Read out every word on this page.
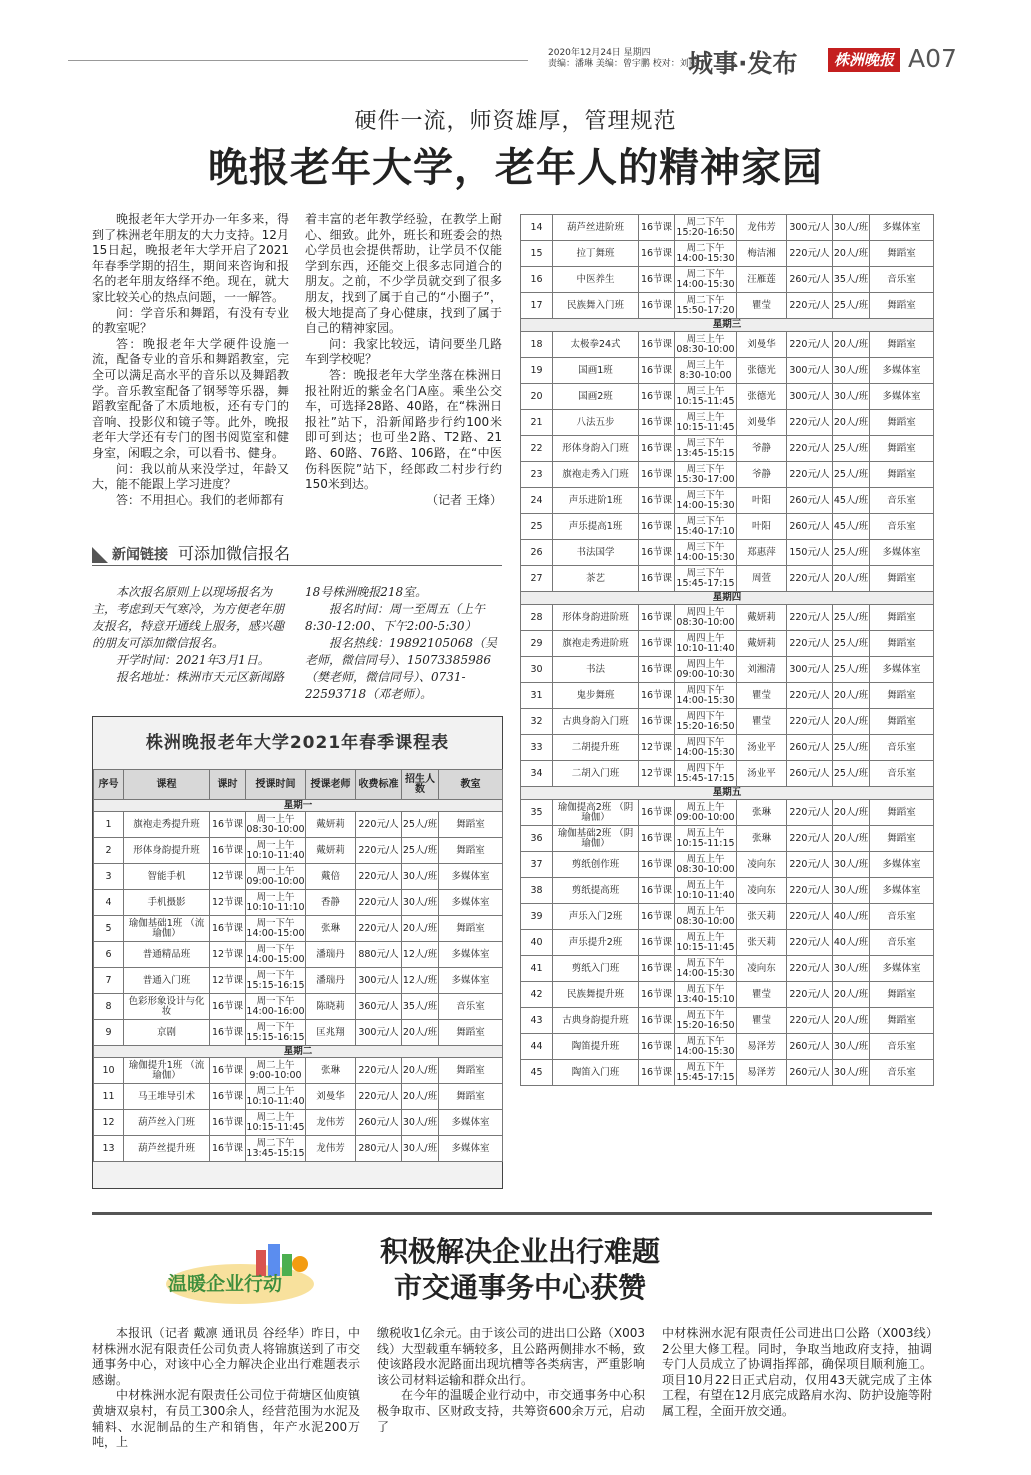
2020年12月24日 星期四
责编：潘琳 美编：曾宇鹏 校对：刘丽
城事·发布	株洲晚报 A07
硬件一流，师资雄厚，管理规范
晚报老年大学，老年人的精神家园

晚报老年大学开办一年多来，得到了株洲老年朋友的大力支持。12月15日起，晚报老年大学开启了2021年春季学期的招生，期间来咨询和报名的老年朋友络绎不绝。现在，就大家比较关心的热点问题，一一解答。

问：学音乐和舞蹈，有没有专业的教室呢？

答：晚报老年大学硬件设施一流，配备专业的音乐和舞蹈教室，完全可以满足高水平的音乐以及舞蹈教学。音乐教室配备了钢琴等乐器，舞蹈教室配备了木质地板，还有专门的音响、投影仪和镜子等。此外，晚报老年大学还有专门的图书阅览室和健身室，闲暇之余，可以看书、健身。

问：我以前从来没学过，年龄又大，能不能跟上学习进度？

答：不用担心。我们的老师都有

着丰富的老年教学经验，在教学上耐心、细致。此外，班长和班委会的热心学员也会提供帮助，让学员不仅能学到东西，还能交上很多志同道合的朋友。之前，不少学员就交到了很多朋友，找到了属于自己的“小圈子”，极大地提高了身心健康，找到了属于自己的精神家园。

问：我家比较远，请问要坐几路车到学校呢？

答：晚报老年大学坐落在株洲日报社附近的紫金名门A座。乘坐公交车，可选择28路、40路，在“株洲日报社”站下，沿新闻路步行约100米即可到达；也可坐2路、T2路、21路、60路、76路、106路，在“中医伤科医院”站下，经郎政二村步行约150米到达。

（记者 王烽）

新闻链接 可添加微信报名

本次报名原则上以现场报名为主，考虑到天气寒冷，为方便老年朋友报名，特意开通线上服务，感兴趣的朋友可添加微信报名。

开学时间：2021年3月1日。

报名地址：株洲市天元区新闻路

18号株洲晚报218室。

报名时间：周一至周五（上午8:30-12:00、下午2:00-5:30）

报名热线：19892105068（吴老师，微信同号）、15073385986（樊老师，微信同号）、0731-22593718（邓老师）。

株洲晚报老年大学2021年春季课程表
序号	课程	课时	授课时间	授课老师	收费标准	招生人数	教室
星期一							
1	旗袍走秀提升班	16节课	周一上午 08:30-10:00	戴妍莉	220元/人	25人/班	舞蹈室
2	形体身韵提升班	16节课	周一上午 10:10-11:40	戴妍莉	220元/人	25人/班	舞蹈室
3	智能手机	12节课	周一上午 09:00-10:00	戴倍	220元/人	30人/班	多媒体室
4	手机摄影	12节课	周一上午 10:10-11:10	香静	220元/人	30人/班	多媒体室
5	瑜伽基础1班 （流瑜伽）	16节课	周一下午 14:00-15:00	张琳	220元/人	20人/班	舞蹈室
6	普通精品班	12节课	周一下午 14:00-15:00	潘瑞丹	880元/人	12人/班	多媒体室
7	普通入门班	12节课	周一下午 15:15-16:15	潘瑞丹	300元/人	12人/班	多媒体室
8	色彩形象设计与化妆	16节课	周一下午 14:00-16:00	陈晓莉	360元/人	35人/班	音乐室
9	京剧	16节课	周一下午 15:15-16:15	匡兆翔	300元/人	20人/班	舞蹈室
星期二							
10	瑜伽提升1班 （流瑜伽）	16节课	周二上午 9:00-10:00	张琳	220元/人	20人/班	舞蹈室
11	马王堆导引术	16节课	周二上午 10:10-11:40	刘曼华	220元/人	20人/班	舞蹈室
12	葫芦丝入门班	16节课	周二上午 10:15-11:45	龙伟芳	260元/人	30人/班	多媒体室
13	葫芦丝提升班	16节课	周二下午 13:45-15:15	龙伟芳	280元/人	30人/班	多媒体室
14	葫芦丝进阶班	16节课	周二下午 15:20-16:50	龙伟芳	300元/人	30人/班	多媒体室
15	拉丁舞班	16节课	周二下午 14:00-15:30	梅洁湘	220元/人	20人/班	舞蹈室
16	中医养生	16节课	周二下午 14:00-15:30	汪雁莲	260元/人	35人/班	音乐室
17	民族舞入门班	16节课	周二下午 15:50-17:20	瞿莹	220元/人	25人/班	舞蹈室
星期三							
18	太极拳24式	16节课	周三上午 08:30-10:00	刘曼华	220元/人	20人/班	舞蹈室
19	国画1班	16节课	周三上午 8:30-10:00	张德光	300元/人	30人/班	多媒体室
20	国画2班	16节课	周三上午 10:15-11:45	张德光	300元/人	30人/班	多媒体室
21	八法五步	16节课	周三上午 10:15-11:45	刘曼华	220元/人	20人/班	舞蹈室
22	形体身韵入门班	16节课	周三下午 13:45-15:15	爷静	220元/人	25人/班	舞蹈室
23	旗袍走秀入门班	16节课	周三下午 15:30-17:00	爷静	220元/人	25人/班	舞蹈室
24	声乐进阶1班	16节课	周三下午 14:00-15:30	叶阳	260元/人	45人/班	音乐室
25	声乐提高1班	16节课	周三下午 15:40-17:10	叶阳	260元/人	45人/班	音乐室
26	书法国学	16节课	周三下午 14:00-15:30	郑惠萍	150元/人	25人/班	多媒体室
27	茶艺	16节课	周三下午 15:45-17:15	周萱	220元/人	20人/班	舞蹈室
星期四							
28	形体身韵进阶班	16节课	周四上午 08:30-10:00	戴妍莉	220元/人	25人/班	舞蹈室
29	旗袍走秀进阶班	16节课	周四上午 10:10-11:40	戴妍莉	220元/人	25人/班	舞蹈室
30	书法	16节课	周四上午 09:00-10:30	刘湘清	300元/人	25人/班	多媒体室
31	鬼步舞班	16节课	周四下午 14:00-15:30	瞿莹	220元/人	20人/班	舞蹈室
32	古典身韵入门班	16节课	周四下午 15:20-16:50	瞿莹	220元/人	20人/班	舞蹈室
33	二胡提升班	12节课	周四下午 14:00-15:30	汤业平	260元/人	25人/班	音乐室
34	二胡入门班	12节课	周四下午 15:45-17:15	汤业平	260元/人	25人/班	音乐室
星期五							
35	瑜伽提高2班 （阴瑜伽）	16节课	周五上午 09:00-10:00	张琳	220元/人	20人/班	舞蹈室
36	瑜伽基础2班 （阴瑜伽）	16节课	周五上午 10:15-11:15	张琳	220元/人	20人/班	舞蹈室
37	剪纸创作班	16节课	周五上午 08:30-10:00	凌向东	220元/人	30人/班	多媒体室
38	剪纸提高班	16节课	周五上午 10:10-11:40	凌向东	220元/人	30人/班	多媒体室
39	声乐入门2班	16节课	周五上午 08:30-10:00	张天莉	220元/人	40人/班	音乐室
40	声乐提升2班	16节课	周五上午 10:15-11:45	张天莉	220元/人	40人/班	音乐室
41	剪纸入门班	16节课	周五下午 14:00-15:30	凌向东	220元/人	30人/班	多媒体室
42	民族舞提升班	16节课	周五下午 13:40-15:10	瞿莹	220元/人	20人/班	舞蹈室
43	古典身韵提升班	16节课	周五下午 15:20-16:50	瞿莹	220元/人	20人/班	舞蹈室
44	陶笛提升班	16节课	周五下午 14:00-15:30	易泽芳	260元/人	30人/班	音乐室
45	陶笛入门班	16节课	周五下午 15:45-17:15	易泽芳	260元/人	30人/班	音乐室
温暖企业行动
积极解决企业出行难题
市交通事务中心获赞

本报讯（记者 戴凛 通讯员 谷经华）昨日，中材株洲水泥有限责任公司负责人将锦旗送到了市交通事务中心，对该中心全力解决企业出行难题表示感谢。

中材株洲水泥有限责任公司位于荷塘区仙庾镇黄塘双泉村，有员工300余人，经营范围为水泥及辅料、水泥制品的生产和销售，年产水泥200万吨，上

缴税收1亿余元。由于该公司的进出口公路（X003线）大型载重车辆较多，且公路两侧排水不畅，致使该路段水泥路面出现坑槽等各类病害，严重影响该公司材料运输和群众出行。

在今年的温暖企业行动中，市交通事务中心积极争取市、区财政支持，共筹资600余万元，启动了

中材株洲水泥有限责任公司进出口公路（X003线）2公里大修工程。同时，争取当地政府支持，抽调专门人员成立了协调指挥部，确保项目顺利施工。项目10月22日正式启动，仅用43天就完成了主体工程，有望在12月底完成路肩水沟、防护设施等附属工程，全面开放交通。
